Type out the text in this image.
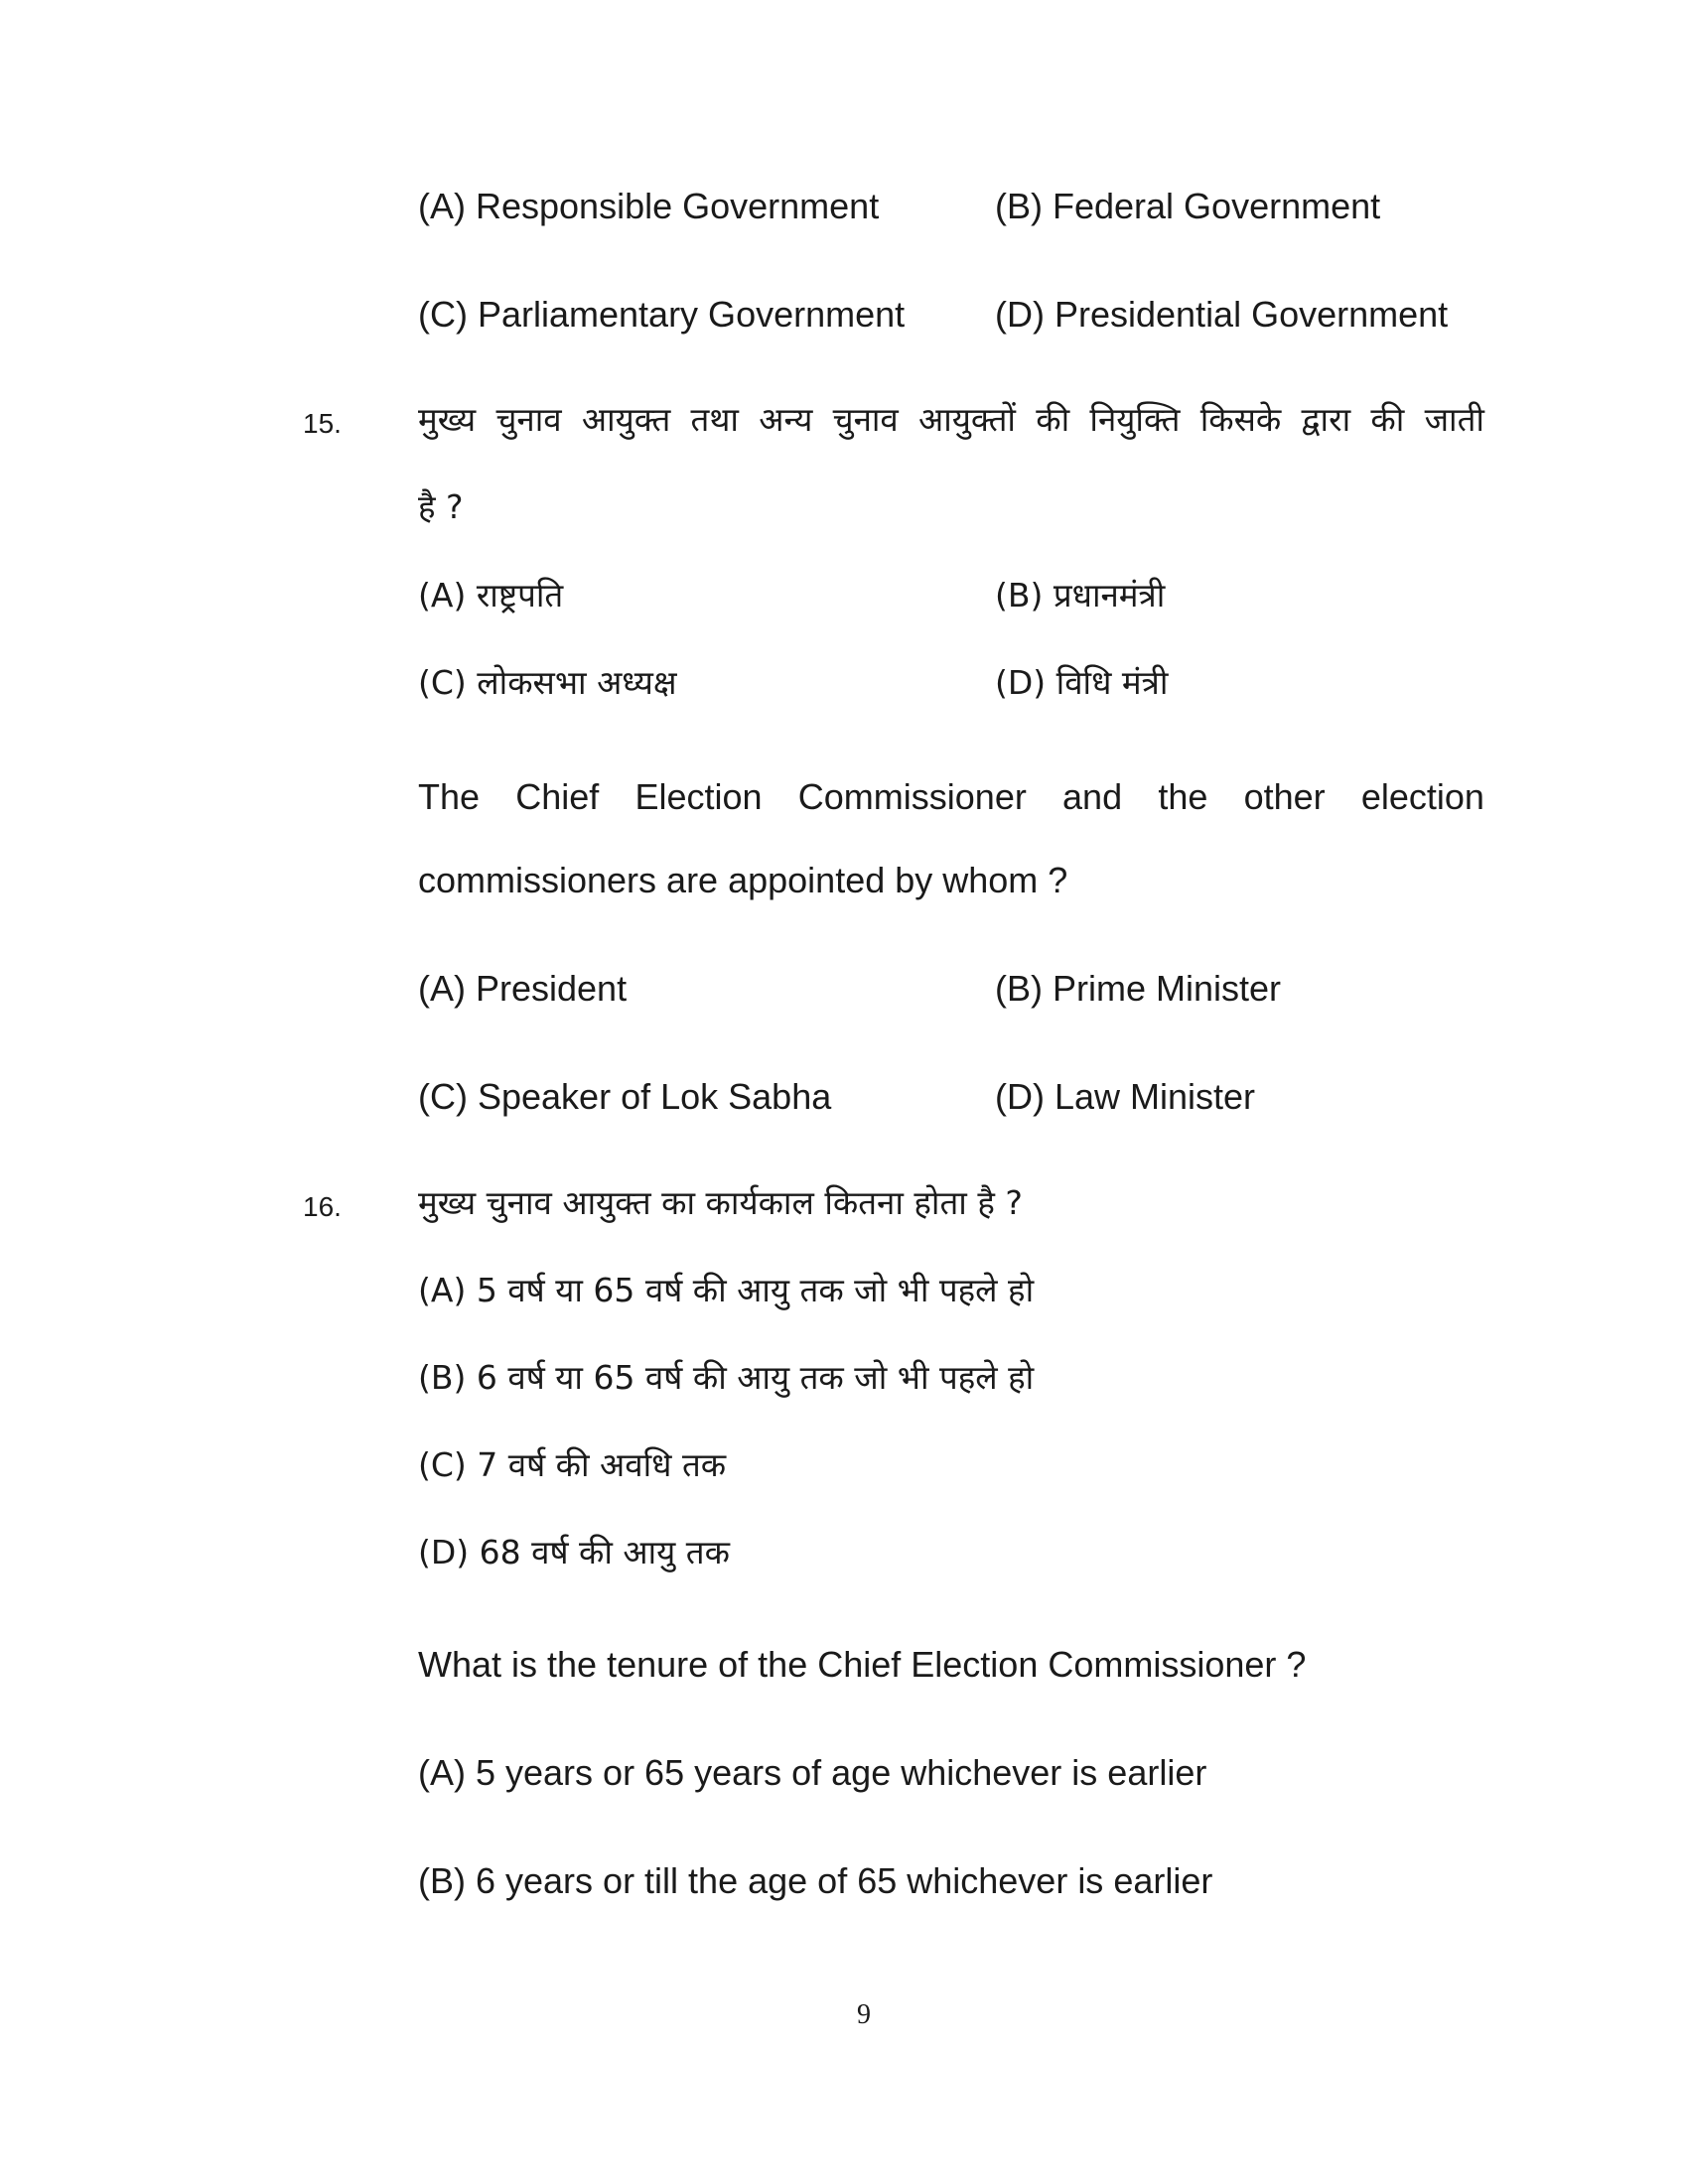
(A) Responsible Government	(B) Federal Government
(C) Parliamentary Government	(D) Presidential Government
15. मुख्य चुनाव आयुक्त तथा अन्य चुनाव आयुक्तों की नियुक्ति किसके द्वारा की जाती
है ?
(A) राष्ट्रपति	(B) प्रधानमंत्री
(C) लोकसभा अध्यक्ष	(D) विधि मंत्री
The Chief Election Commissioner and the other election
commissioners are appointed by whom ?
(A) President	(B) Prime Minister
(C) Speaker of Lok Sabha	(D) Law Minister
16. मुख्य चुनाव आयुक्त का कार्यकाल कितना होता है ?
(A) 5 वर्ष या 65 वर्ष की आयु तक जो भी पहले हो
(B) 6 वर्ष या 65 वर्ष की आयु तक जो भी पहले हो
(C) 7 वर्ष की अवधि तक
(D) 68 वर्ष की आयु तक
What is the tenure of the Chief Election Commissioner ?
(A) 5 years or 65 years of age whichever is earlier
(B) 6 years or till the age of 65 whichever is earlier
9
